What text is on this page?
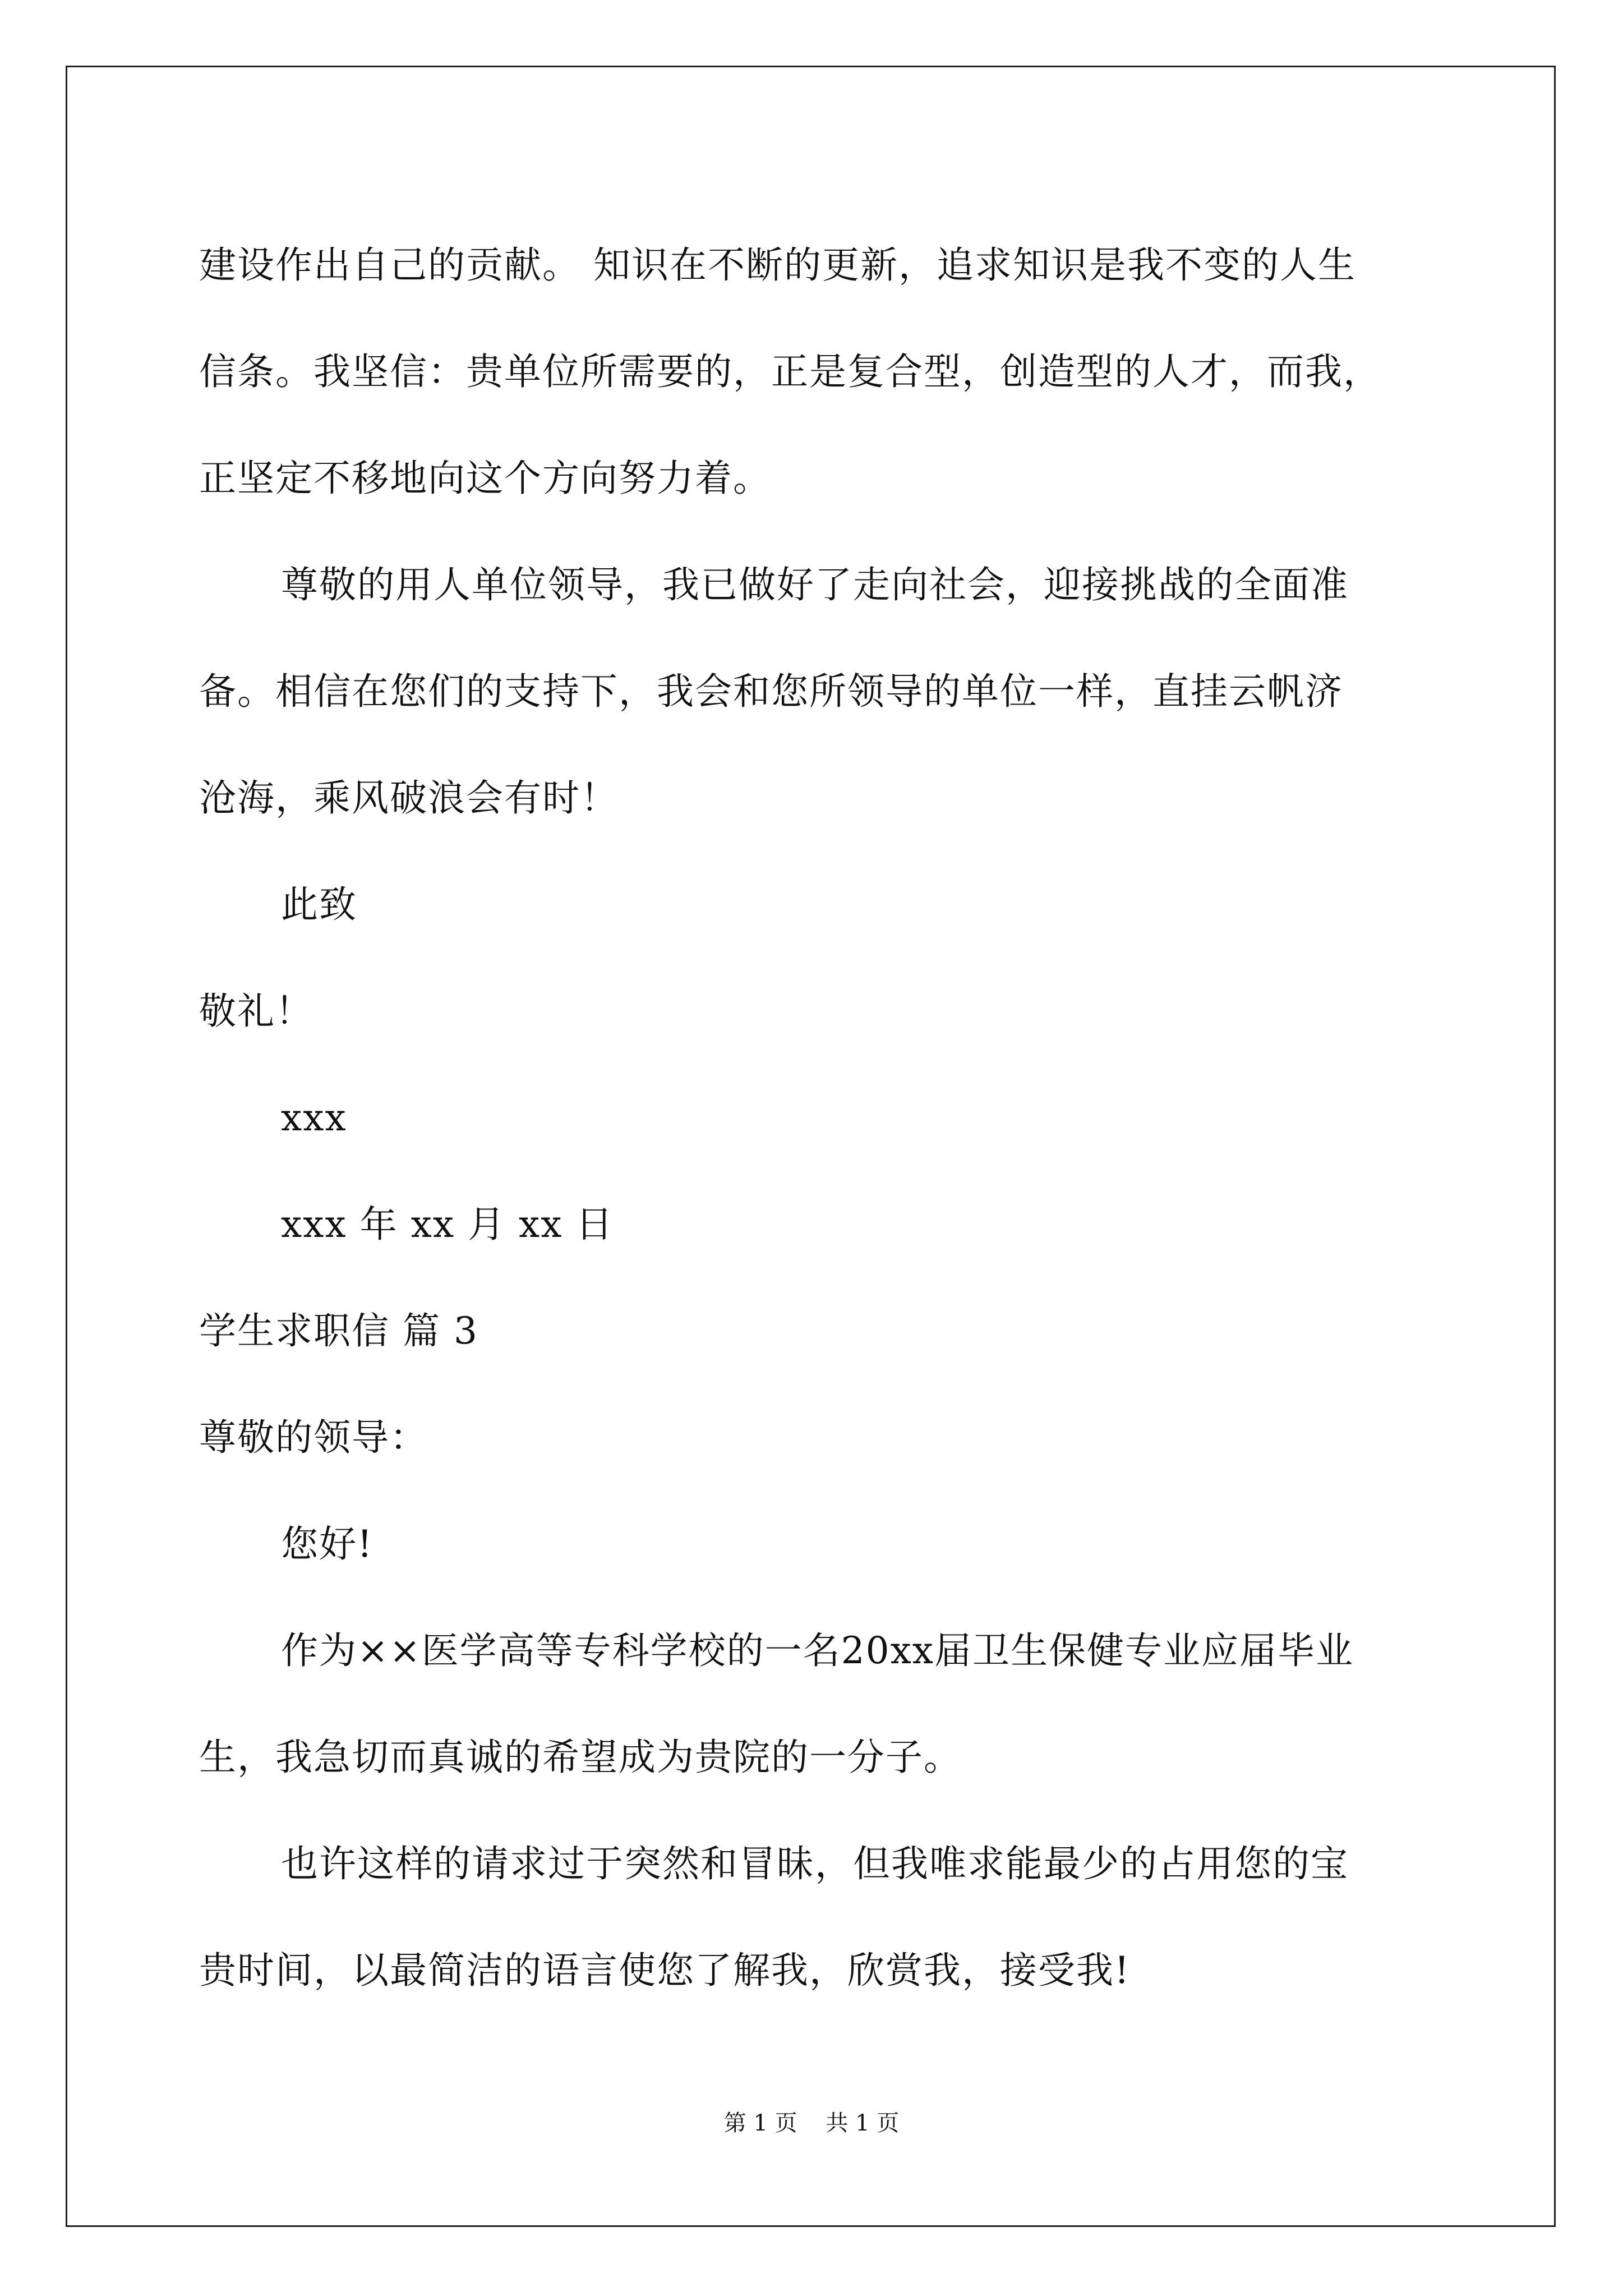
建设作出自己的贡献。 知识在不断的更新，追求知识是我不变的人生
信条。我坚信：贵单位所需要的，正是复合型，创造型的人才，而我，
正坚定不移地向这个方向努力着。
尊敬的用人单位领导，我已做好了走向社会，迎接挑战的全面准
备。相信在您们的支持下，我会和您所领导的单位一样，直挂云帆济
沧海，乘风破浪会有时！
此致
敬礼！
xxx
xxx 年 xx 月 xx 日
学生求职信 篇 3
尊敬的领导：
您好!
作为××医学高等专科学校的一名20xx届卫生保健专业应届毕业
生，我急切而真诚的希望成为贵院的一分子。
也许这样的请求过于突然和冒昧，但我唯求能最少的占用您的宝
贵时间，以最简洁的语言使您了解我，欣赏我，接受我!
第 1 页    共 1 页
